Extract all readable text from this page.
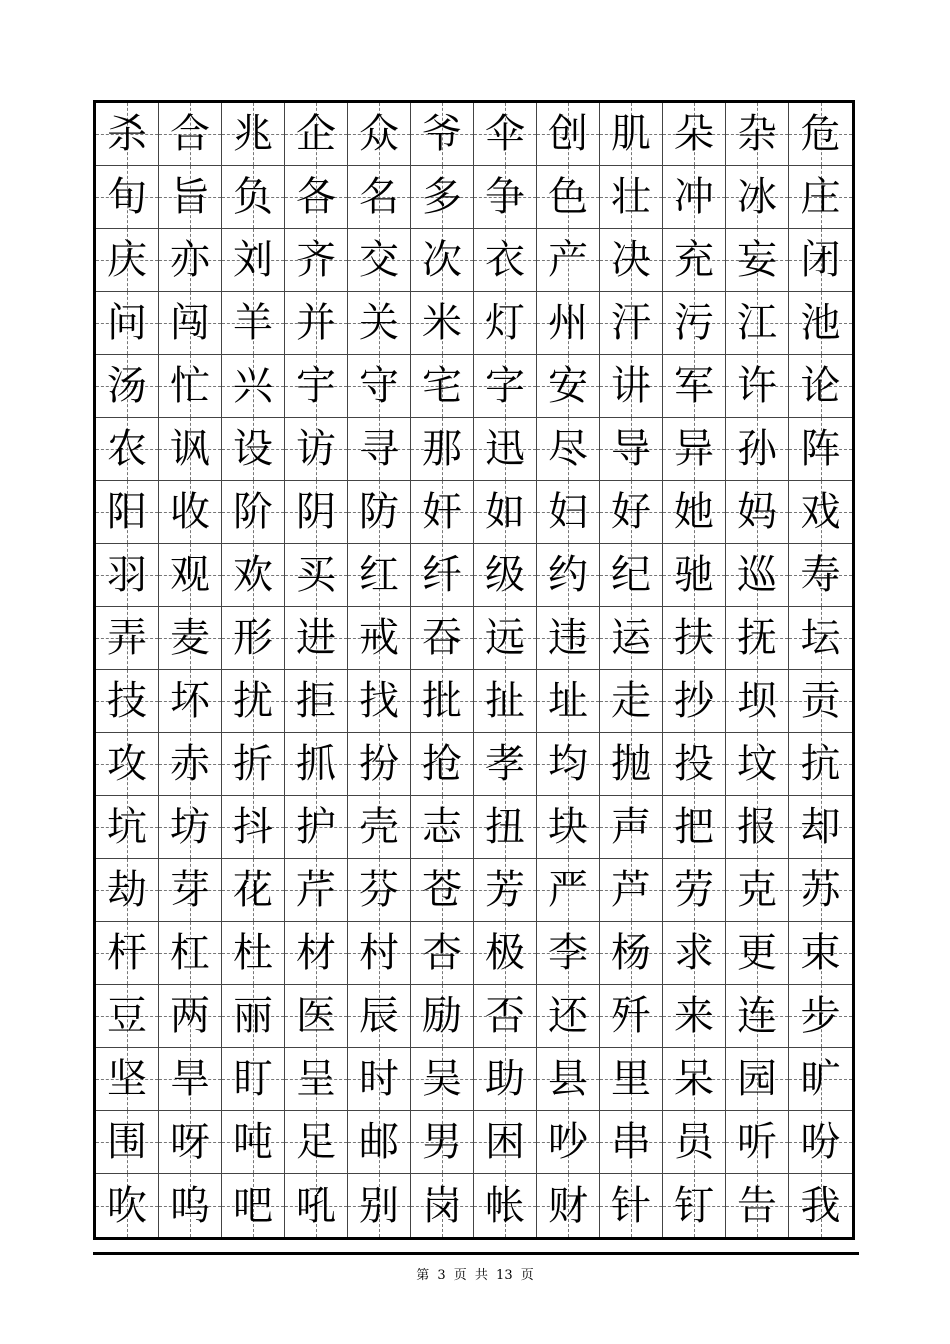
杀 合 兆 企 众 爷 伞 创 肌 朵 杂 危
旬 旨 负 各 名 多 争 色 壮 冲 冰 庄
庆 亦 刘 齐 交 次 衣 产 决 充 妄 闭
问 闯 羊 并 关 米 灯 州 汗 污 江 池
汤 忙 兴 宇 守 宅 字 安 讲 军 许 论
农 讽 设 访 寻 那 迅 尽 导 异 孙 阵
阳 收 阶 阴 防 奸 如 妇 好 她 妈 戏
羽 观 欢 买 红 纤 级 约 纪 驰 巡 寿
弄 麦 形 进 戒 吞 远 违 运 扶 抚 坛
技 坏 扰 拒 找 批 扯 址 走 抄 坝 贡
攻 赤 折 抓 扮 抢 孝 均 抛 投 坟 抗
坑 坊 抖 护 壳 志 扭 块 声 把 报 却
劫 芽 花 芹 芬 苍 芳 严 芦 劳 克 苏
杆 杠 杜 材 村 杏 极 李 杨 求 更 束
豆 两 丽 医 辰 励 否 还 歼 来 连 步
坚 旱 盯 呈 时 吴 助 县 里 呆 园 旷
围 呀 吨 足 邮 男 困 吵 串 员 听 吩
吹 呜 吧 吼 别 岗 帐 财 针 钉 告 我
第 3 页 共 13 页
